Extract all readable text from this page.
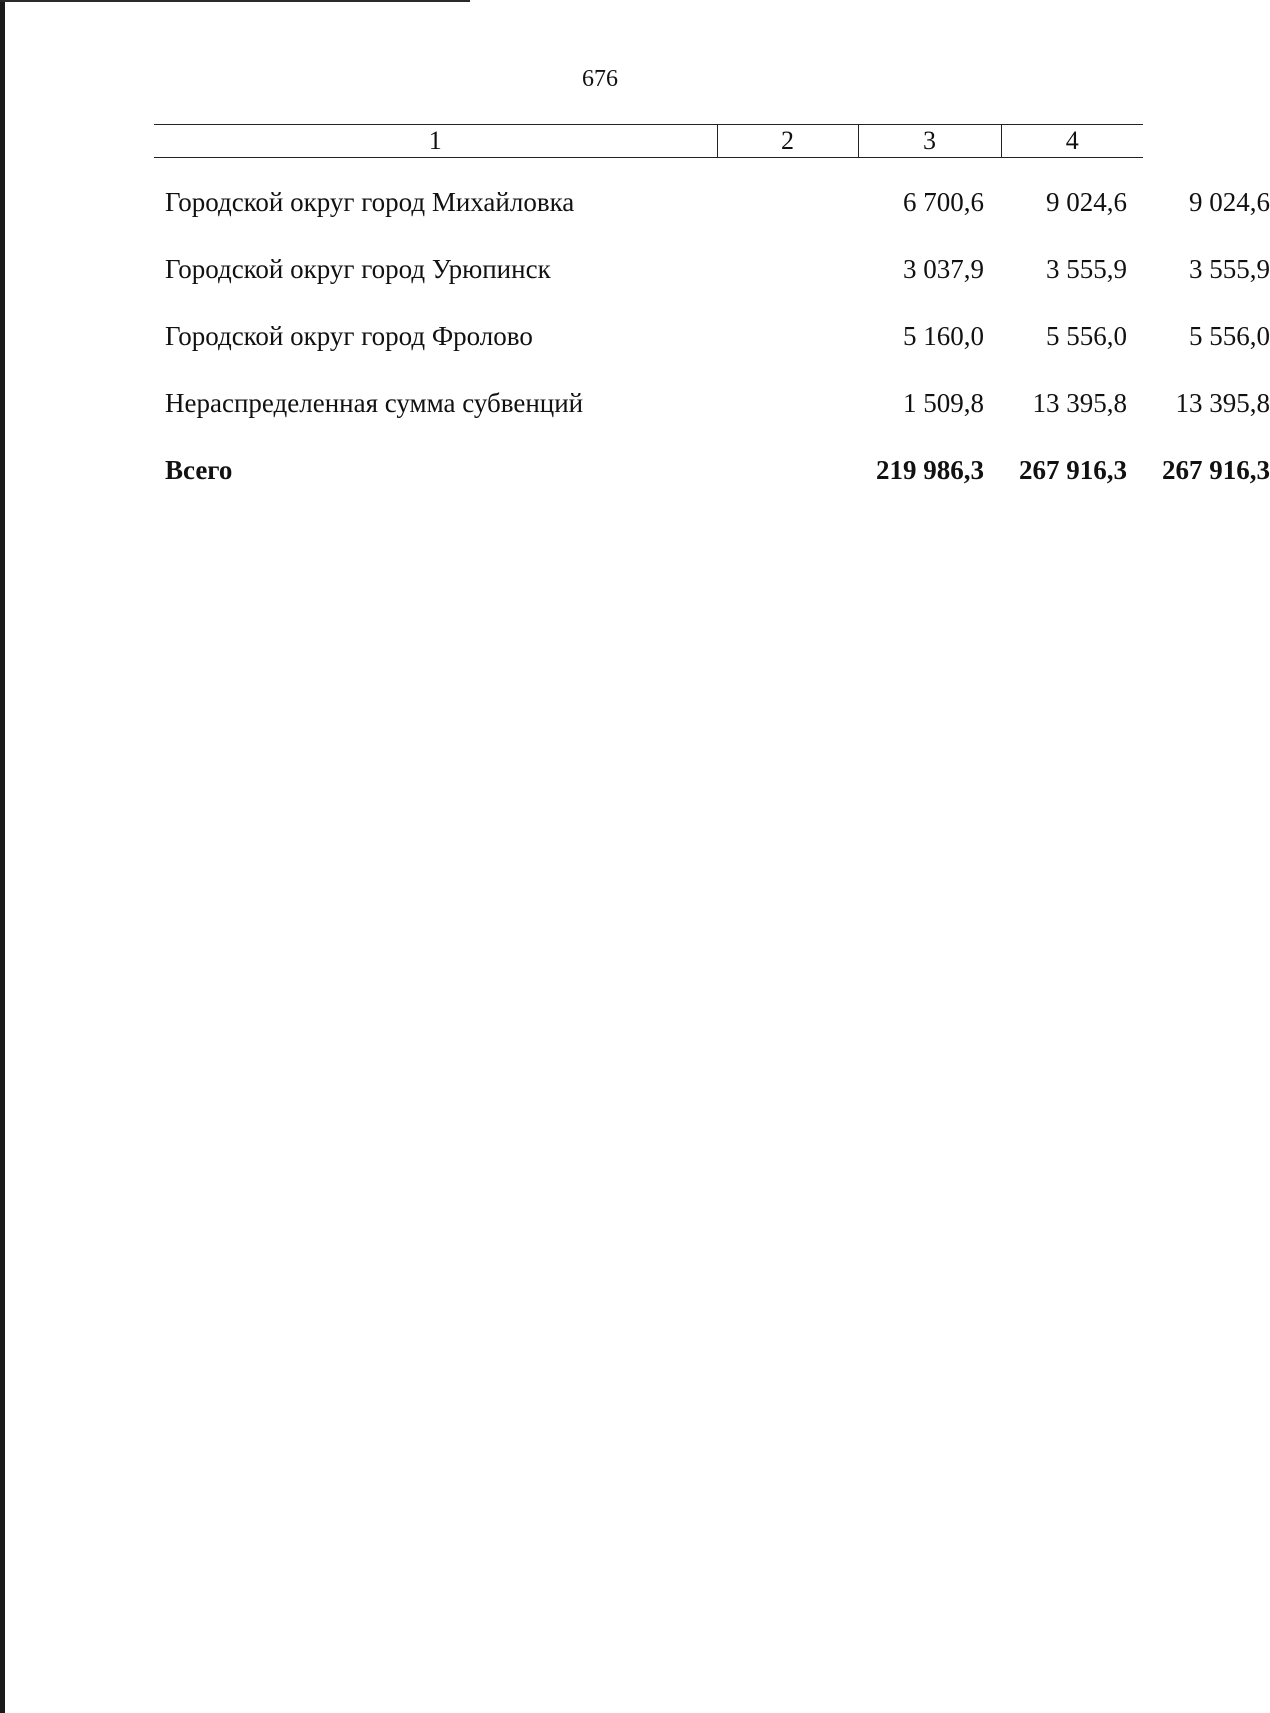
676
1	2	3	4
Городской округ город Михайловка	6 700,6	9 024,6	9 024,6
Городской округ город Урюпинск	3 037,9	3 555,9	3 555,9
Городской округ город Фролово	5 160,0	5 556,0	5 556,0
Нераспределенная сумма субвенций	1 509,8	13 395,8	13 395,8
Всего	219 986,3	267 916,3	267 916,3
